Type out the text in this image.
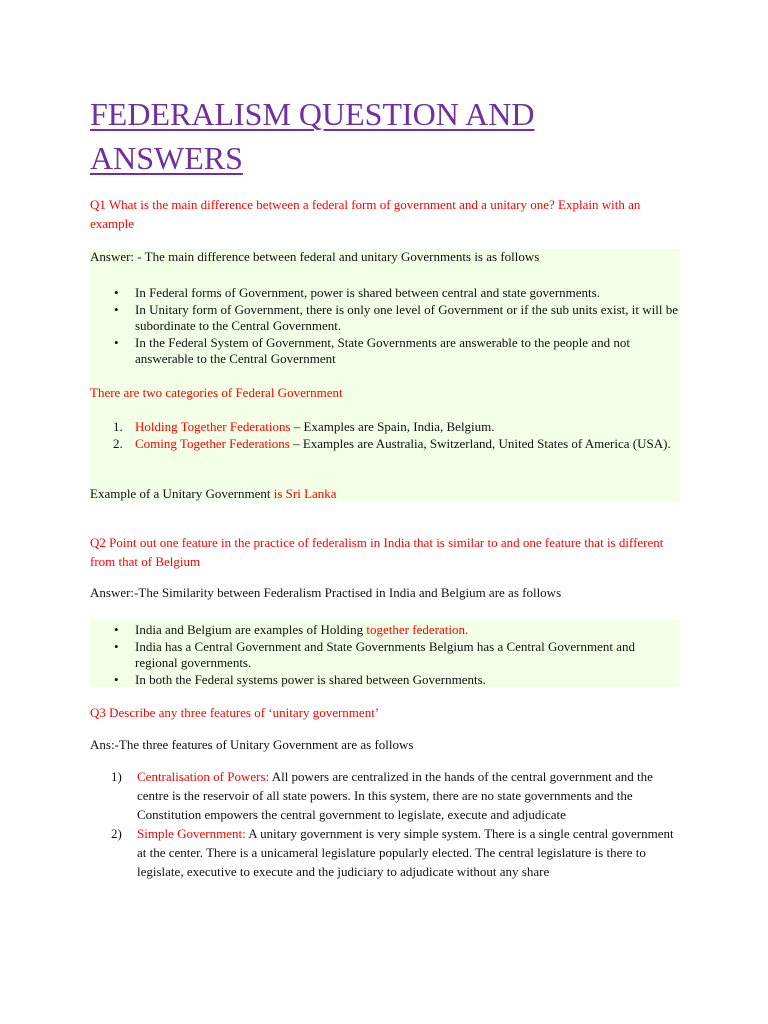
FEDERALISM QUESTION AND
ANSWERS
Q1 What is the main difference between a federal form of government and a unitary one? Explain with an example
Answer: - The main difference between federal and unitary Governments is as follows
• In Federal forms of Government, power is shared between central and state governments.
• In Unitary form of Government, there is only one level of Government or if the sub units exist, it will be subordinate to the Central Government.
• In the Federal System of Government, State Governments are answerable to the people and not answerable to the Central Government
There are two categories of Federal Government
1. Holding Together Federations – Examples are Spain, India, Belgium.
2. Coming Together Federations – Examples are Australia, Switzerland, United States of America (USA).
Example of a Unitary Government is Sri Lanka
Q2 Point out one feature in the practice of federalism in India that is similar to and one feature that is different from that of Belgium
Answer:-The Similarity between Federalism Practised in India and Belgium are as follows
• India and Belgium are examples of Holding together federation.
• India has a Central Government and State Governments Belgium has a Central Government and regional governments.
• In both the Federal systems power is shared between Governments.
Q3 Describe any three features of ‘unitary government’
Ans:-The three features of Unitary Government are as follows
1) Centralisation of Powers: All powers are centralized in the hands of the central government and the centre is the reservoir of all state powers. In this system, there are no state governments and the Constitution empowers the central government to legislate, execute and adjudicate
2) Simple Government: A unitary government is very simple system. There is a single central government at the center. There is a unicameral legislature popularly elected. The central legislature is there to legislate, executive to execute and the judiciary to adjudicate without any share
